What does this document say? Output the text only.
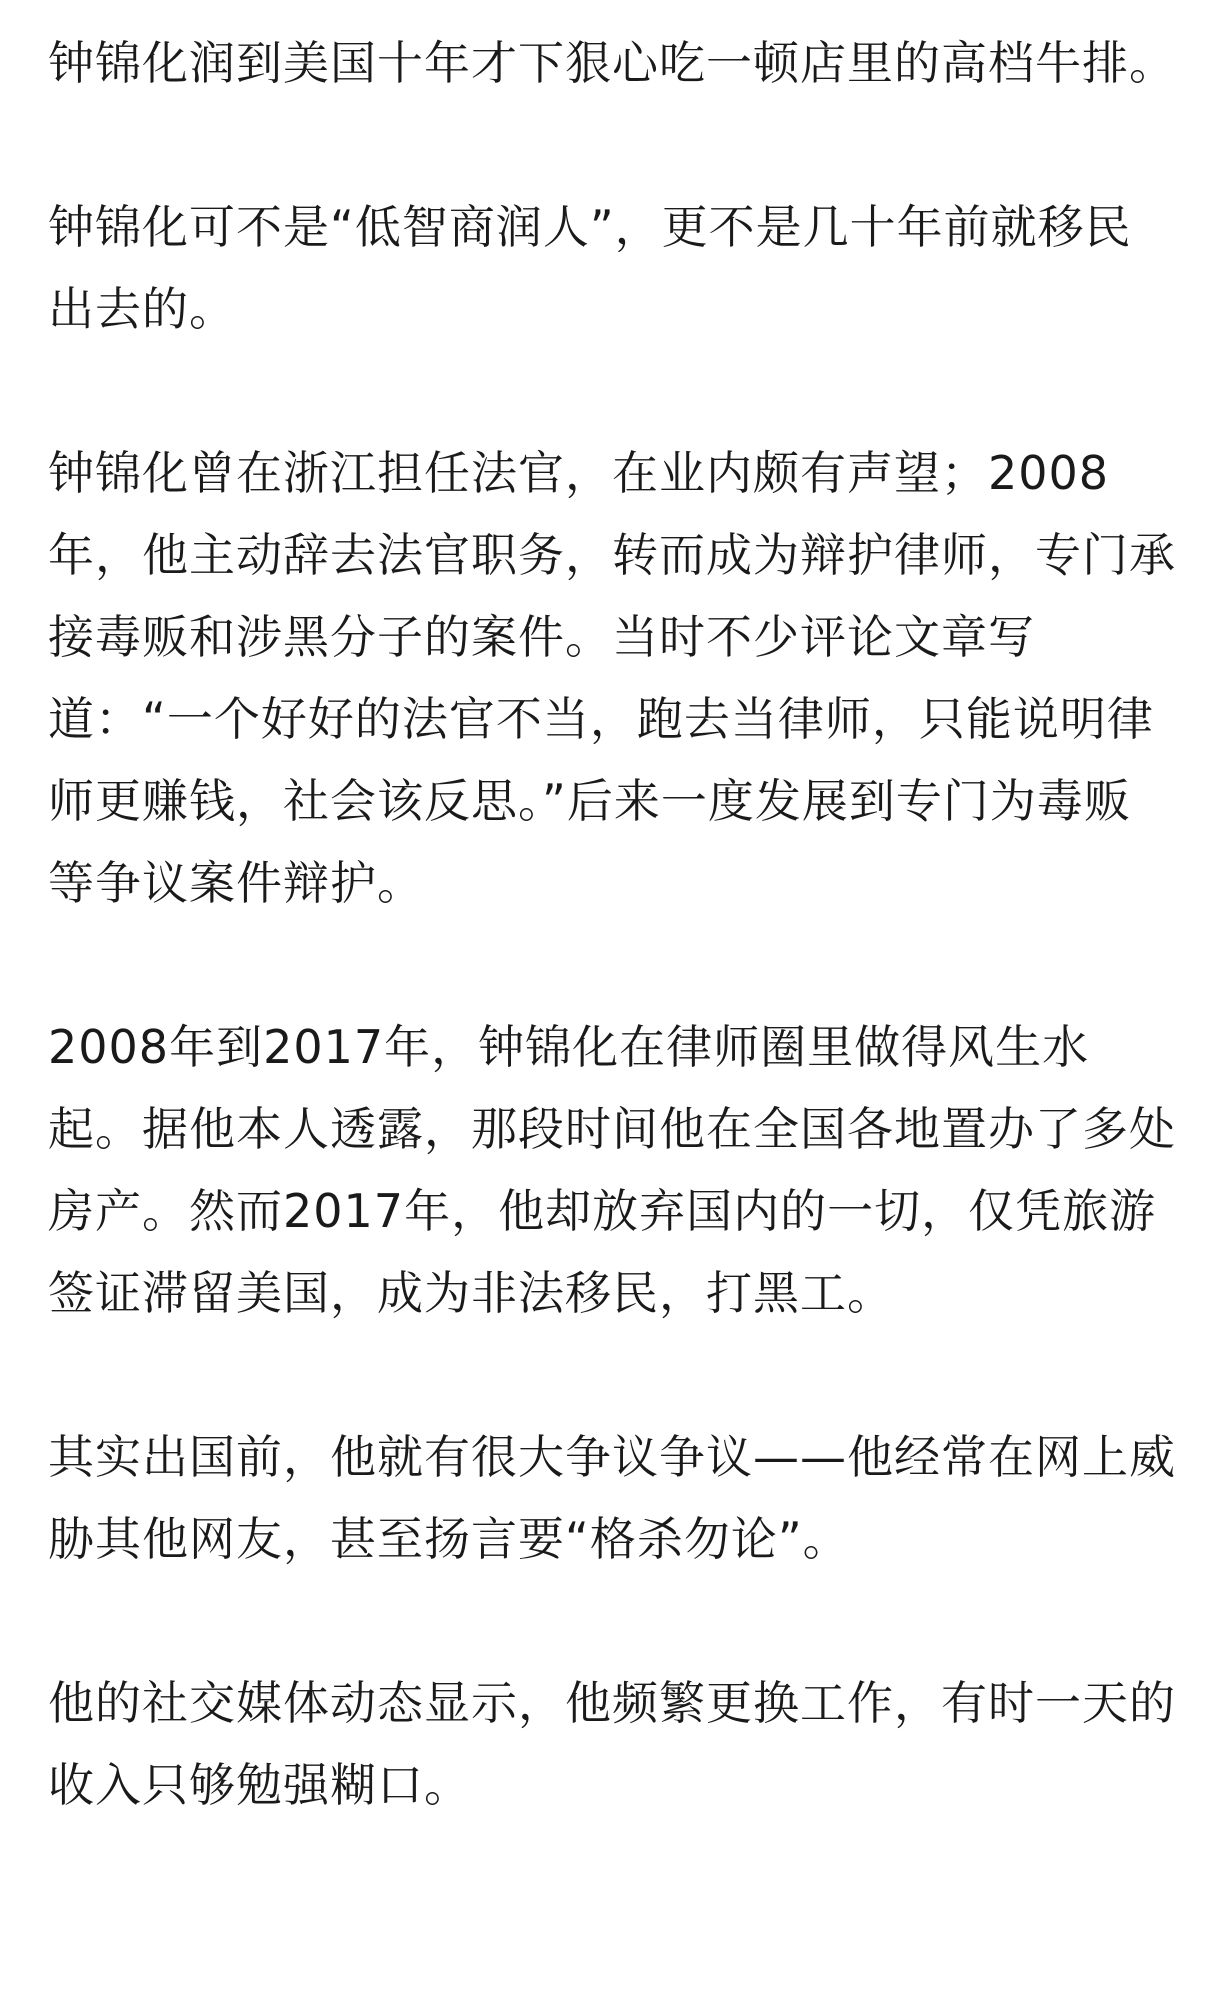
钟锦化润到美国十年才下狠心吃一顿店里的高档牛排。

钟锦化可不是“低智商润人”，更不是几十年前就移民出去的。

钟锦化曾在浙江担任法官，在业内颇有声望；2008年，他主动辞去法官职务，转而成为辩护律师，专门承接毒贩和涉黑分子的案件。当时不少评论文章写道：“一个好好的法官不当，跑去当律师，只能说明律师更赚钱，社会该反思。”后来一度发展到专门为毒贩等争议案件辩护。

2008年到2017年，钟锦化在律师圈里做得风生水起。据他本人透露，那段时间他在全国各地置办了多处房产。然而2017年，他却放弃国内的一切，仅凭旅游签证滞留美国，成为非法移民，打黑工。

其实出国前，他就有很大争议争议——他经常在网上威胁其他网友，甚至扬言要“格杀勿论”。

他的社交媒体动态显示，他频繁更换工作，有时一天的收入只够勉强糊口。
